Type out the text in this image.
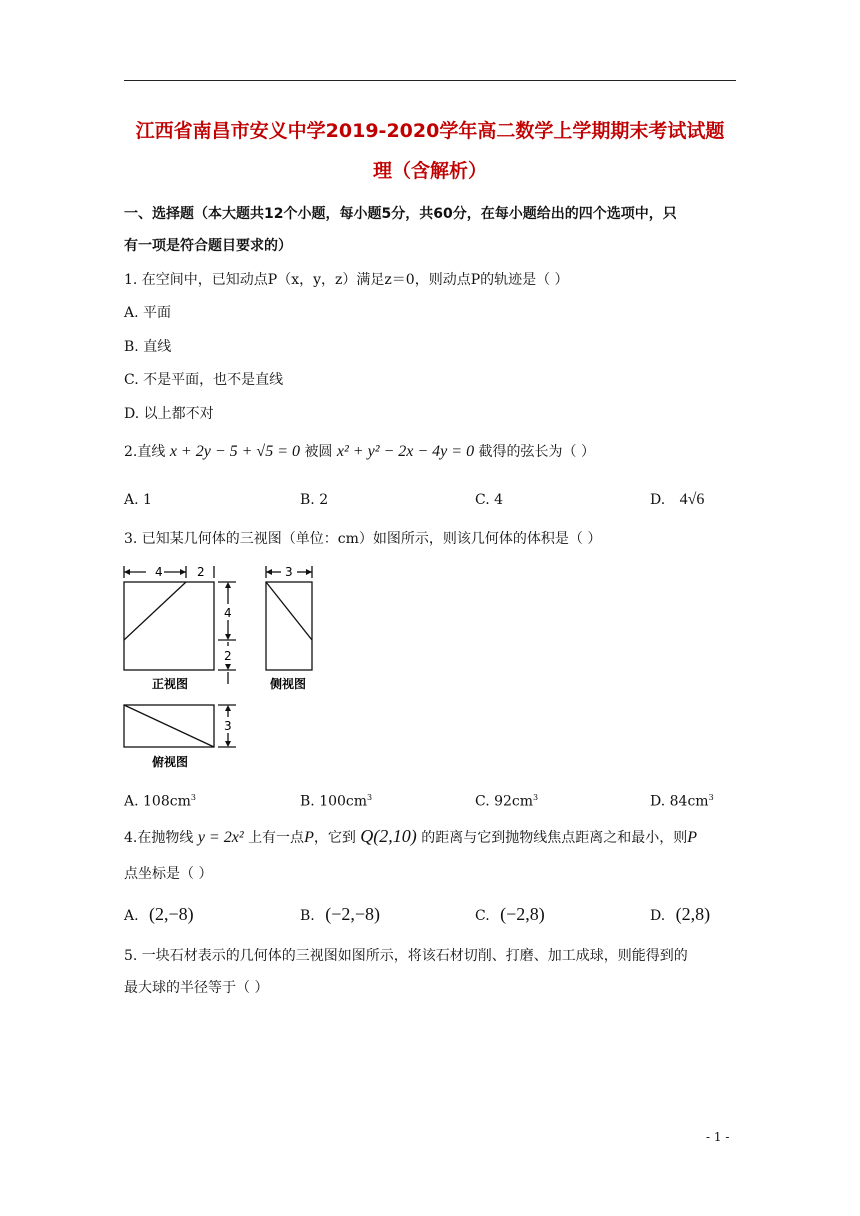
江西省南昌市安义中学2019-2020学年高二数学上学期期末考试试题
理（含解析）
一、选择题（本大题共12个小题，每小题5分，共60分，在每小题给出的四个选项中，只
有一项是符合题目要求的）
1. 在空间中，已知动点P（x，y，z）满足z＝0，则动点P的轨迹是（ ）
A. 平面
B. 直线
C. 不是平面，也不是直线
D. 以上都不对
2.直线 x + 2y − 5 + √5 = 0 被圆 x² + y² − 2x − 4y = 0 截得的弦长为（ ）
A. 1	B. 2	C. 4	D. 4√6
3. 已知某几何体的三视图（单位：cm）如图所示，则该几何体的体积是（ ）
4	2
4
2
3
3
正视图	侧视图
俯视图
A. $108cm^3$	B. $100cm^3$	C. $92cm^3$	D. $84cm^3$
4.在抛物线 y = 2x² 上有一点P，它到 Q(2,10) 的距离与它到抛物线焦点距离之和最小，则P
点坐标是（ ）
A. (2,−8)	B. (−2,−8)	C. (−2,8)	D. (2,8)
5. 一块石材表示的几何体的三视图如图所示，将该石材切削、打磨、加工成球，则能得到的
最大球的半径等于（ ）
- 1 -
